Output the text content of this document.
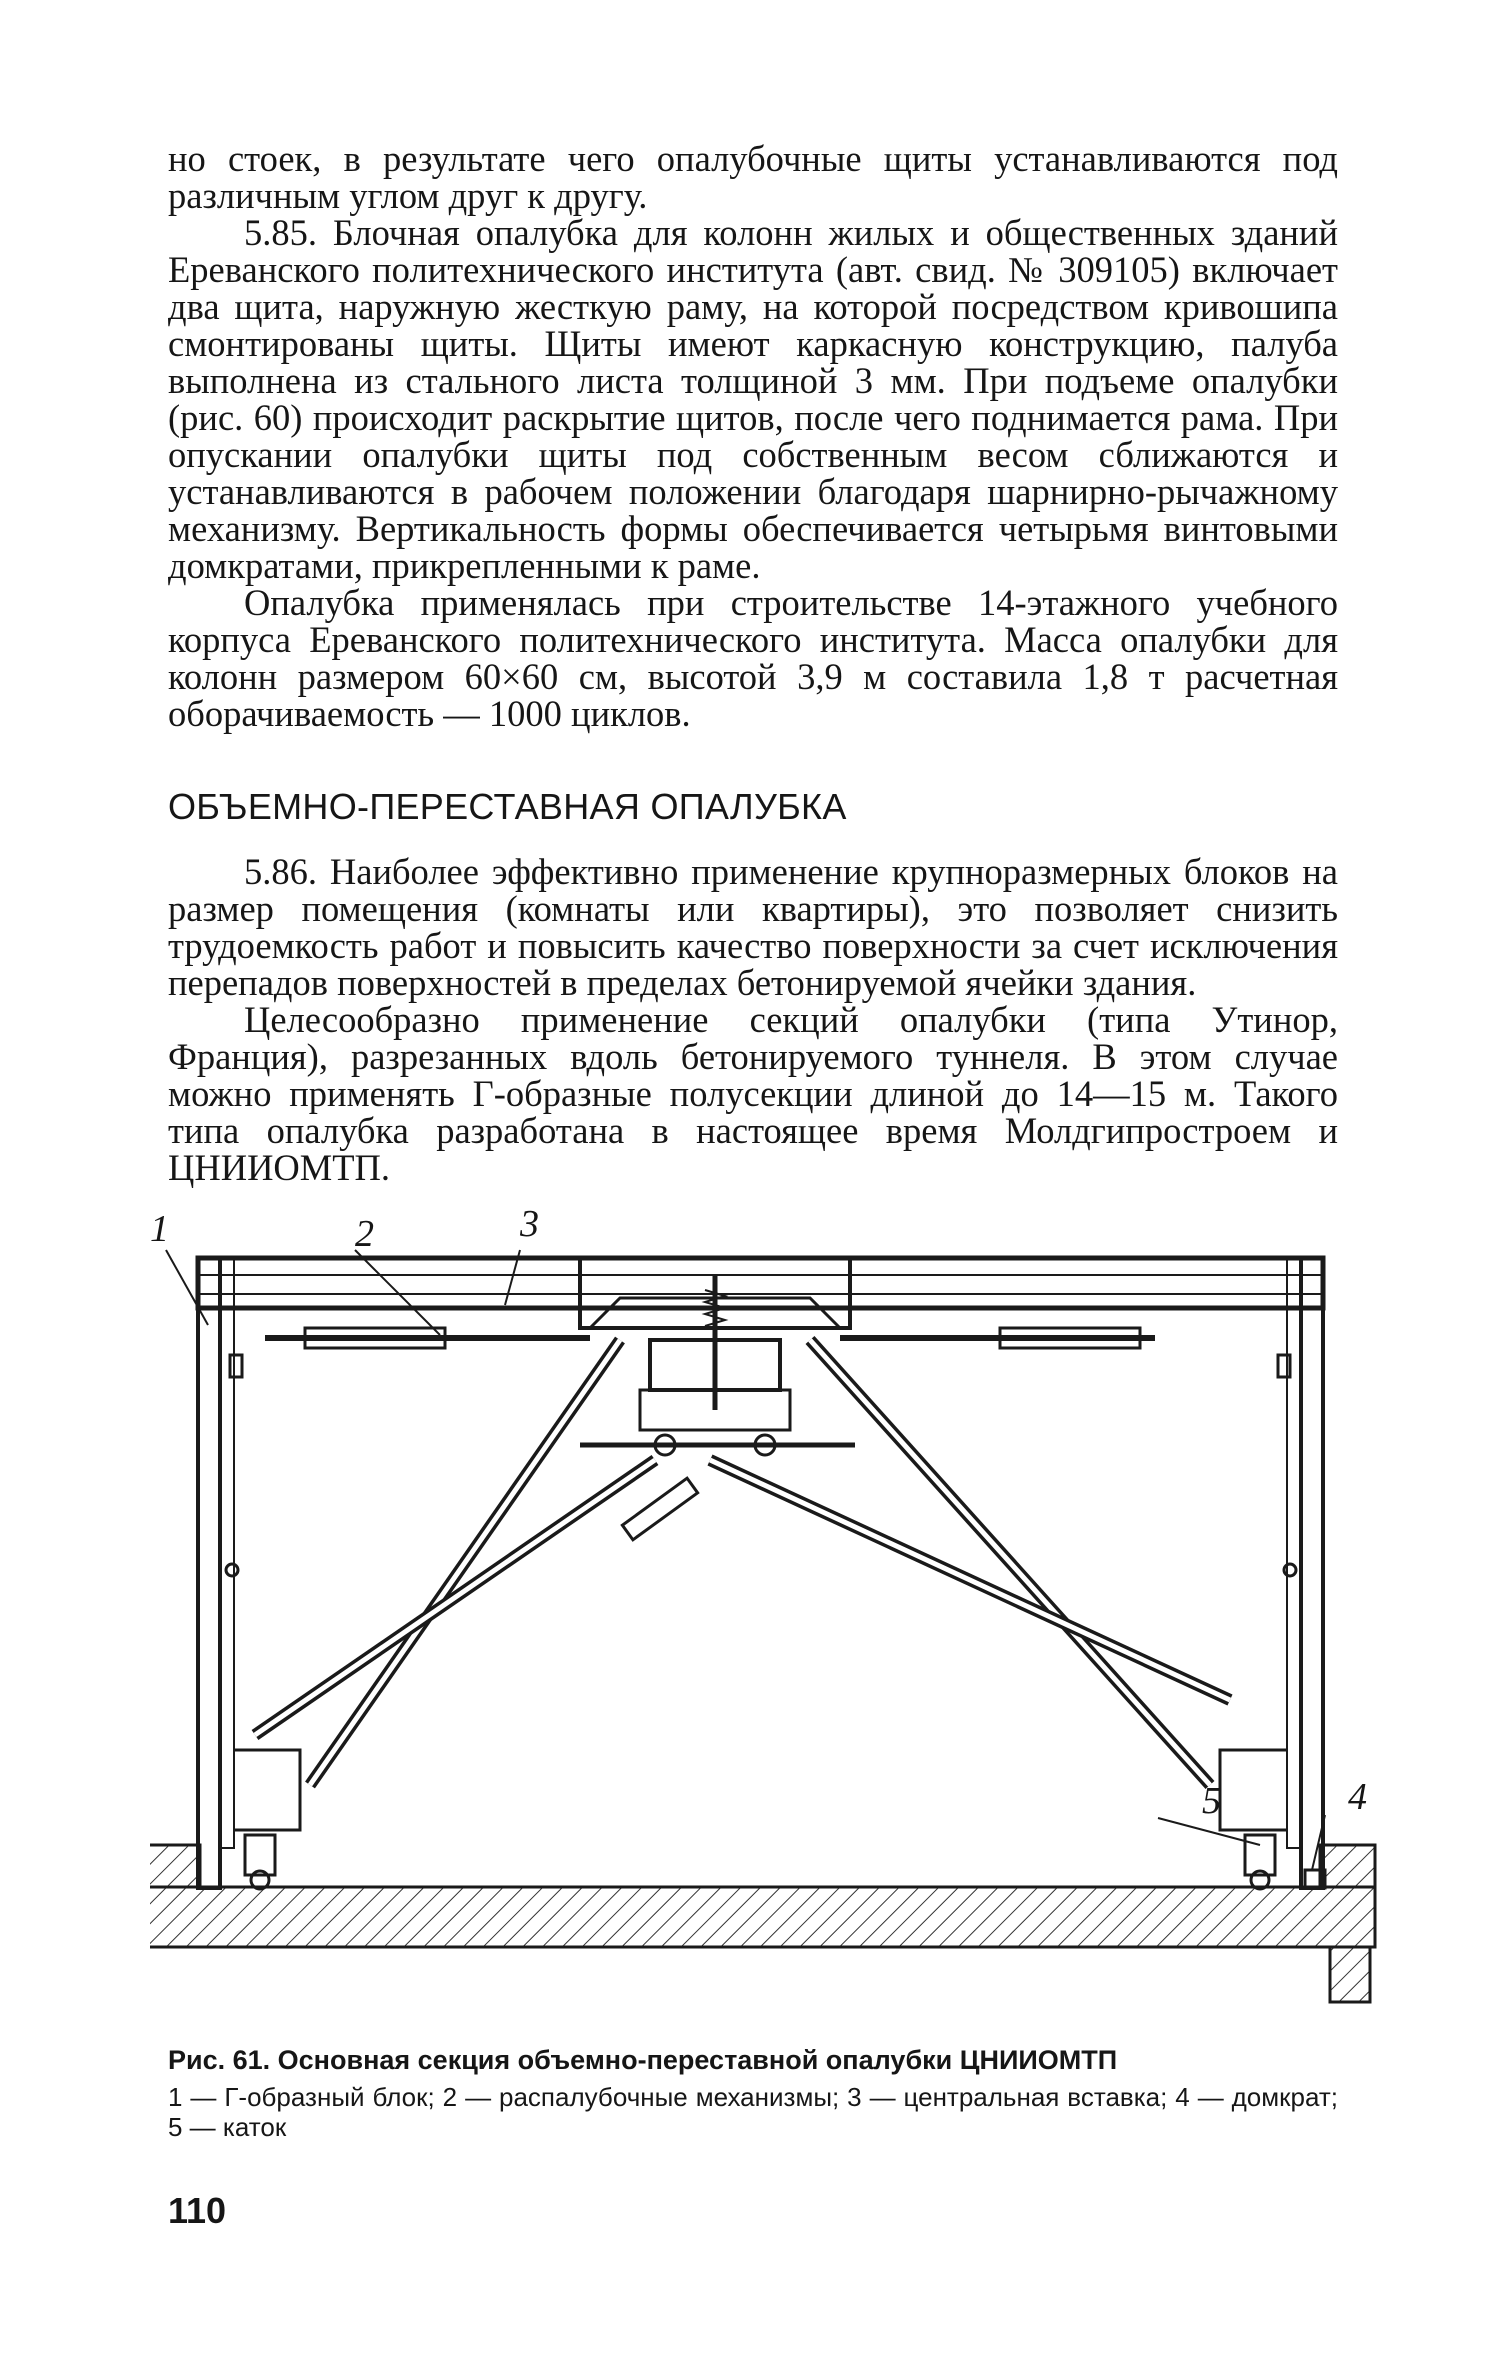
но стоек, в результате чего опалубочные щиты устанавливаются под различным углом друг к другу.

5.85. Блочная опалубка для колонн жилых и общественных зданий Ереванского политехнического института (авт. свид. № 309105) включает два щита, наружную жесткую раму, на которой посредством кривошипа смонтированы щиты. Щиты имеют каркасную конструкцию, палуба выполнена из стального листа толщиной 3 мм. При подъеме опалубки (рис. 60) происходит раскрытие щитов, после чего поднимается рама. При опускании опалубки щиты под собственным весом сближаются и устанавливаются в рабочем положении благодаря шарнирно-рычажному механизму. Вертикальность формы обеспечивается четырьмя винтовыми домкратами, прикрепленными к раме.

Опалубка применялась при строительстве 14-этажного учебного корпуса Ереванского политехнического института. Масса опалубки для колонн размером 60×60 см, высотой 3,9 м составила 1,8 т расчетная оборачиваемость — 1000 циклов.

ОБЪЕМНО-ПЕРЕСТАВНАЯ ОПАЛУБКА

5.86. Наиболее эффективно применение крупноразмерных блоков на размер помещения (комнаты или квартиры), это позволяет снизить трудоемкость работ и повысить качество поверхности за счет исключения перепадов поверхностей в пределах бетонируемой ячейки здания.

Целесообразно применение секций опалубки (типа Утинор, Франция), разрезанных вдоль бетонируемого туннеля. В этом случае можно применять Г-образные полусекции длиной до 14—15 м. Такого типа опалубка разработана в настоящее время Молдгипростроем и ЦНИИОМТП.

1	2	3
4
5

Рис. 61. Основная секция объемно-переставной опалубки ЦНИИОМТП

1 — Г-образный блок; 2 — распалубочные механизмы; 3 — центральная вставка; 4 — домкрат; 5 — каток

110
